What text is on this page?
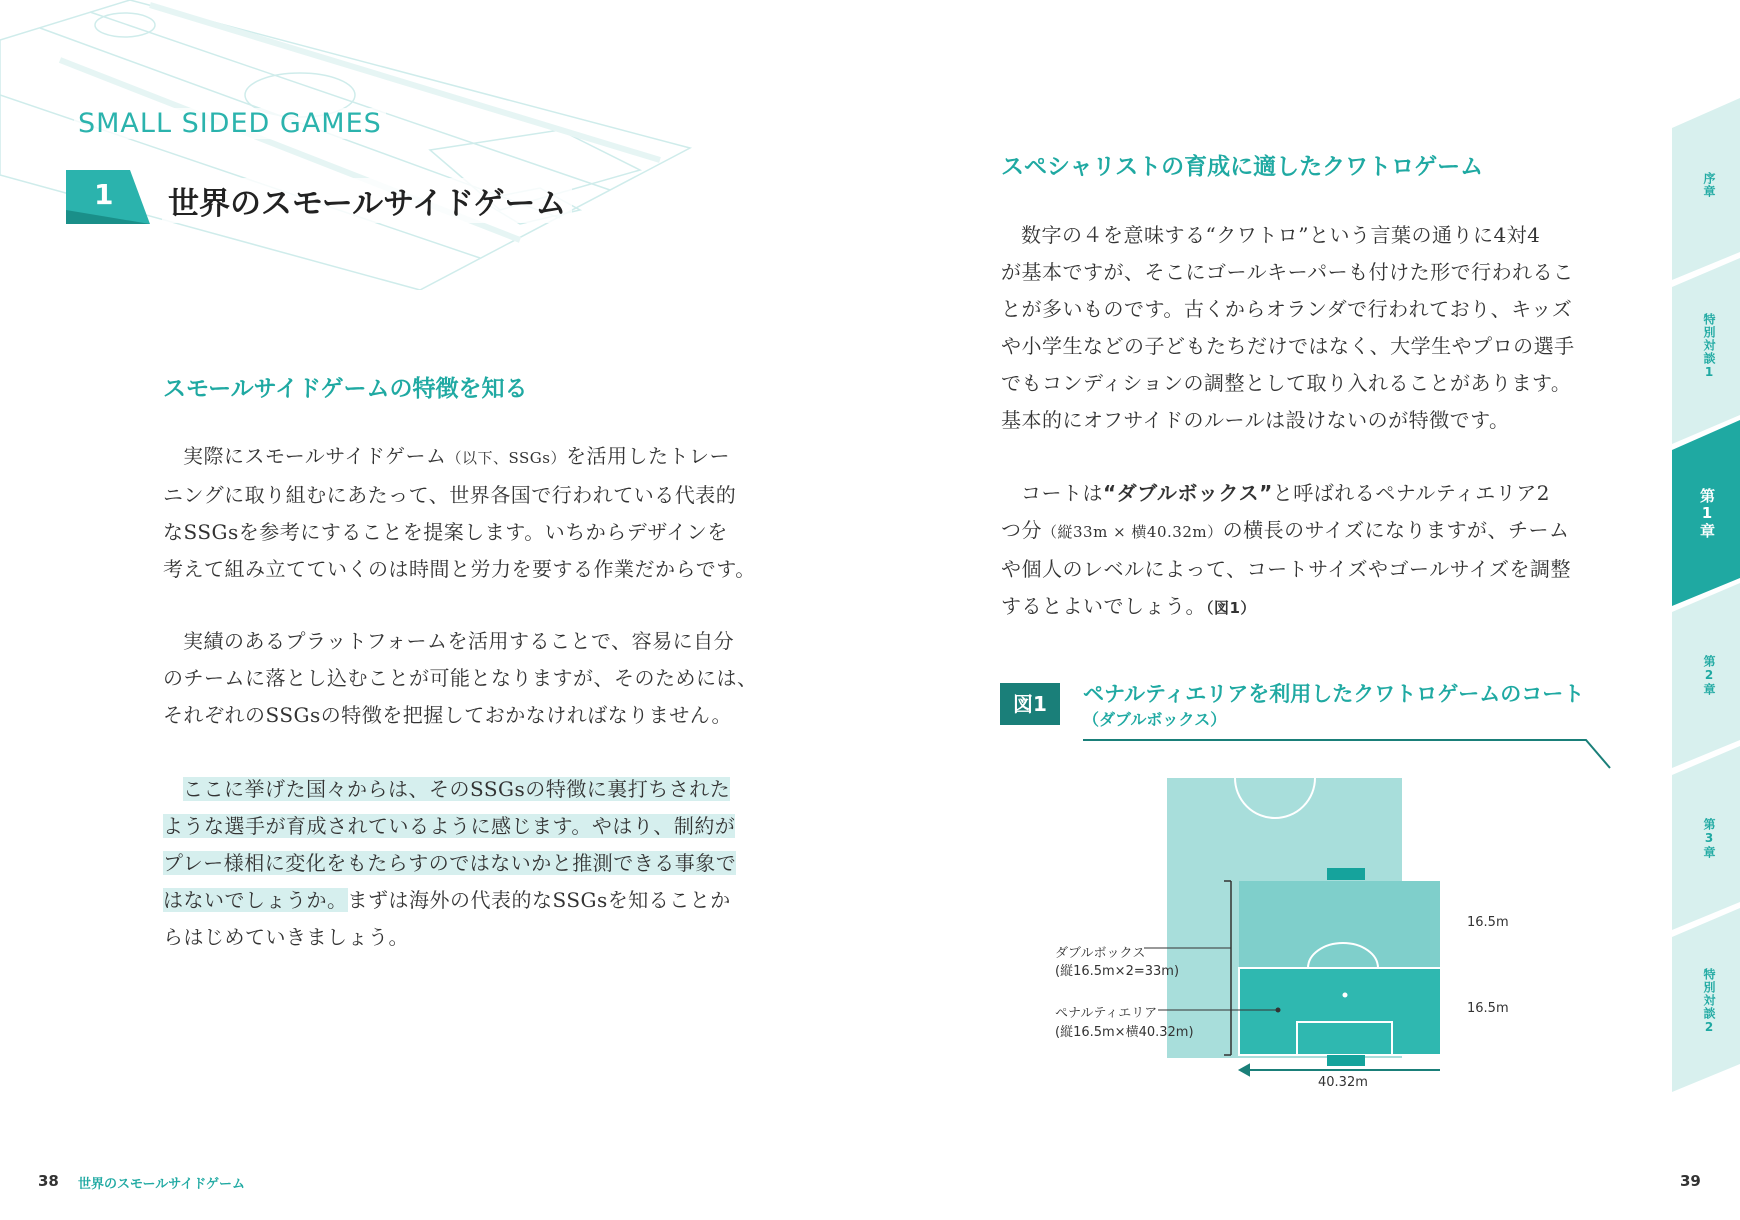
SMALL SIDED GAMES
1 世界のスモールサイドゲーム
スモールサイドゲームの特徴を知る
実際にスモールサイドゲーム（以下、SSGs）を活用したトレー
ニングに取り組むにあたって、世界各国で行われている代表的
なSSGsを参考にすることを提案します。いちからデザインを
考えて組み立てていくのは時間と労力を要する作業だからです。
実績のあるプラットフォームを活用することで、容易に自分
のチームに落とし込むことが可能となりますが、そのためには、
それぞれのSSGsの特徴を把握しておかなければなりません。
ここに挙げた国々からは、そのSSGsの特徴に裏打ちされた
ような選手が育成されているように感じます。やはり、制約が
プレー様相に変化をもたらすのではないかと推測できる事象で
はないでしょうか。まずは海外の代表的なSSGsを知ることか
らはじめていきましょう。
38 世界のスモールサイドゲーム
スペシャリストの育成に適したクワトロゲーム
数字の４を意味する“クワトロ”という言葉の通りに4対4
が基本ですが、そこにゴールキーパーも付けた形で行われるこ
とが多いものです。古くからオランダで行われており、キッズ
や小学生などの子どもたちだけではなく、大学生やプロの選手
でもコンディションの調整として取り入れることがあります。
基本的にオフサイドのルールは設けないのが特徴です。
コートは“ダブルボックス”と呼ばれるペナルティエリア2
つ分（縦33m × 横40.32m）の横長のサイズになりますが、チーム
や個人のレベルによって、コートサイズやゴールサイズを調整
するとよいでしょう。（図1）
図1	ペナルティエリアを利用したクワトロゲームのコート
（ダブルボックス）
ダブルボックス
(縦16.5m×2=33m)
ペナルティエリア
(縦16.5m×横40.32m)
16.5m
16.5m
40.32m
39
序章
特別対談1
第1章
第2章
第3章
特別対談2
